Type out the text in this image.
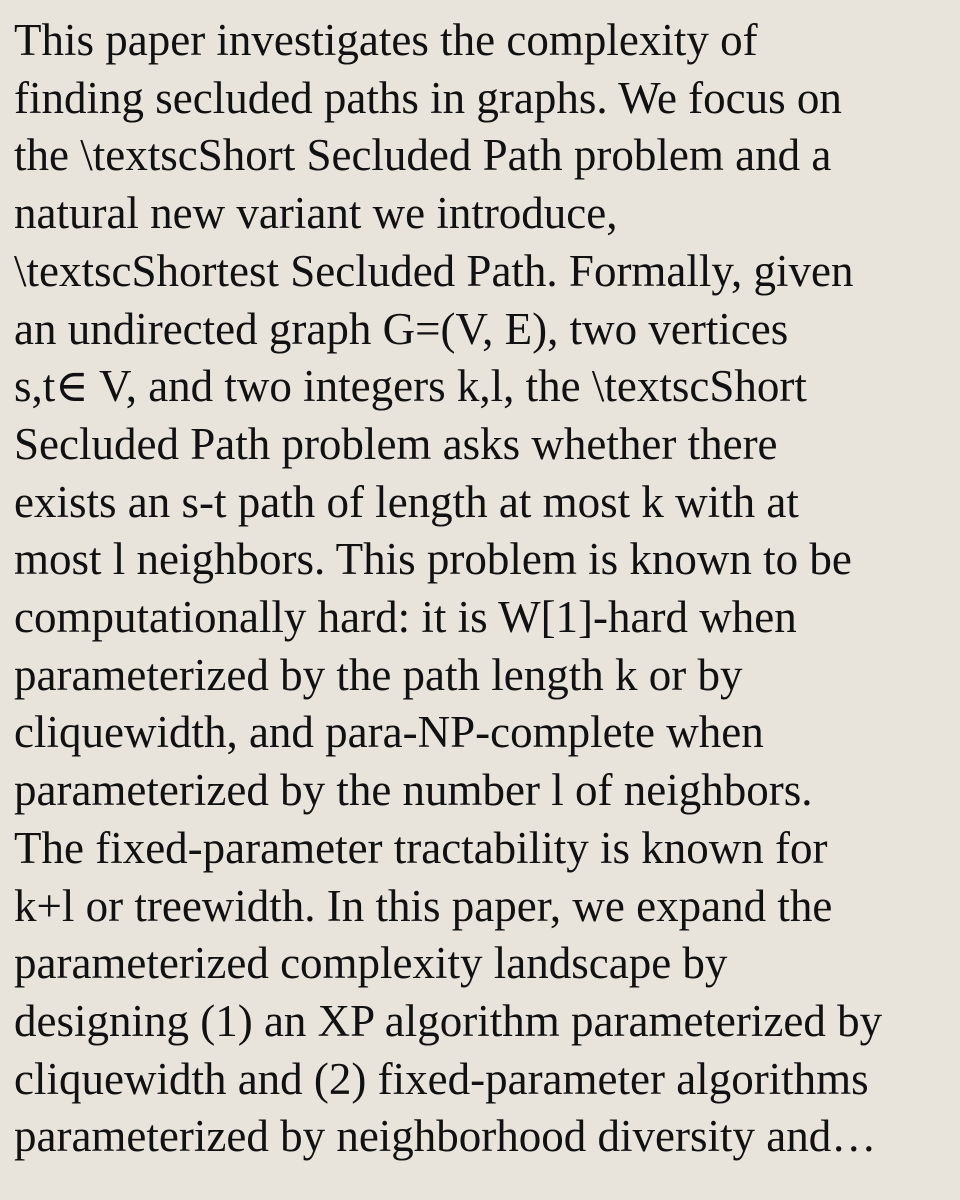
This paper investigates the complexity of
finding secluded paths in graphs. We focus on
the \textscShort Secluded Path problem and a
natural new variant we introduce,
\textscShortest Secluded Path. Formally, given
an undirected graph G=(V, E), two vertices
s,t∈ V, and two integers k,l, the \textscShort
Secluded Path problem asks whether there
exists an s-t path of length at most k with at
most l neighbors. This problem is known to be
computationally hard: it is W[1]-hard when
parameterized by the path length k or by
cliquewidth, and para-NP-complete when
parameterized by the number l of neighbors.
The fixed-parameter tractability is known for
k+l or treewidth. In this paper, we expand the
parameterized complexity landscape by
designing (1) an XP algorithm parameterized by
cliquewidth and (2) fixed-parameter algorithms
parameterized by neighborhood diversity and…
